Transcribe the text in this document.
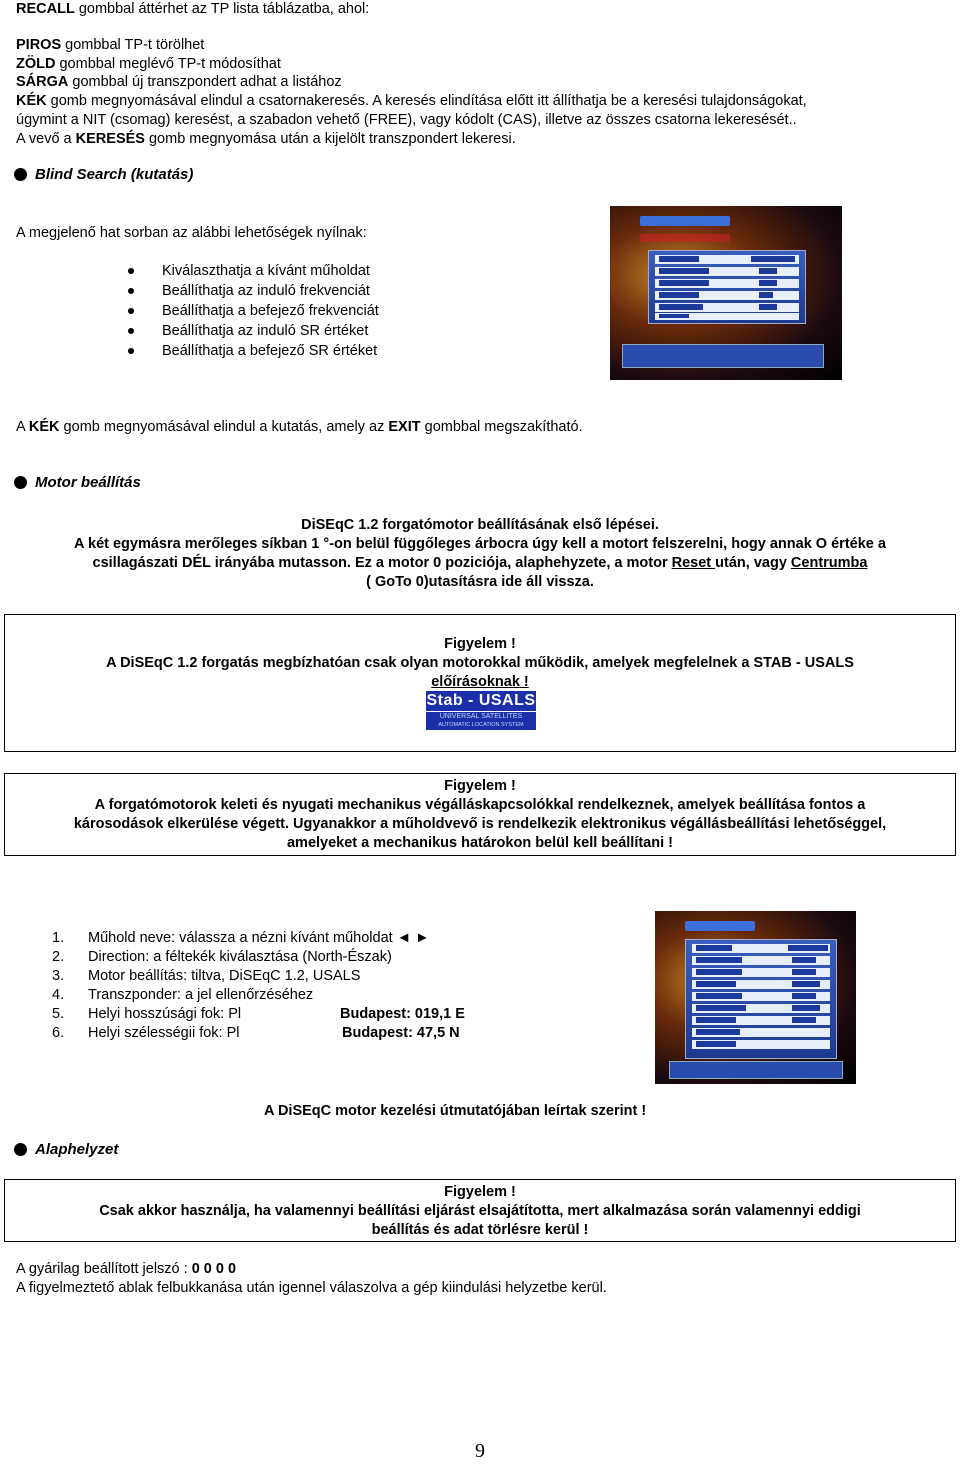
RECALL gombbal áttérhet az TP lista táblázatba, ahol:
PIROS gombbal TP-t törölhet
ZÖLD gombbal meglévő TP-t módosíthat
SÁRGA gombbal új transzpondert adhat a listához
KÉK gomb megnyomásával elindul a csatornakeresés. A keresés elindítása előtt itt állíthatja be a keresési tulajdonságokat,
úgymint a NIT (csomag) keresést, a szabadon vehető (FREE), vagy kódolt (CAS), illetve az összes csatorna lekeresését..
A vevő a KERESÉS gomb megnyomása után a kijelölt transzpondert lekeresi.
Blind Search (kutatás)
A megjelenő hat sorban az alábbi lehetőségek nyílnak:
Kiválaszthatja a kívánt műholdat
Beállíthatja az induló frekvenciát
Beállíthatja a befejező frekvenciát
Beállíthatja az induló SR értéket
Beállíthatja a befejező SR értéket
A KÉK gomb megnyomásával elindul a kutatás, amely az EXIT gombbal megszakítható.
Motor beállítás
DiSEqC 1.2 forgatómotor beállításának első lépései.
A két egymásra merőleges síkban 1 °-on belül függőleges árbocra úgy kell a motort felszerelni, hogy annak O értéke a
csillagászati DÉL irányába mutasson. Ez a motor 0 poziciója, alaphehyzete, a motor Reset után, vagy Centrumba
( GoTo 0)utasításra ide áll vissza.
Figyelem !
A DiSEqC 1.2 forgatás megbízhatóan csak olyan motorokkal működik, amelyek megfelelnek a STAB - USALS
előírásoknak !
Stab - USALS
UNIVERSAL SATELLITES
AUTOMATIC LOCATION SYSTEM
Figyelem !
A forgatómotorok keleti és nyugati mechanikus végálláskapcsolókkal rendelkeznek, amelyek beállítása fontos a
károsodások elkerülése végett. Ugyanakkor a műholdvevő is rendelkezik elektronikus végállásbeállítási lehetőséggel,
amelyeket a mechanikus határokon belül kell beállítani !
1.	Műhold neve: válassza a nézni kívánt műholdat ◄ ►
2.	Direction: a féltekék kiválasztása (North-Észak)
3.	Motor beállítás: tiltva, DiSEqC 1.2, USALS
4.	Transzponder: a jel ellenőrzéséhez
5.	Helyi hosszúsági fok: Pl	Budapest: 019,1 E
6.	Helyi szélességii fok: Pl	Budapest: 47,5 N
A DiSEqC motor kezelési útmutatójában leírtak szerint !
Alaphelyzet
Figyelem !
Csak akkor használja, ha valamennyi beállítási eljárást elsajátította, mert alkalmazása során valamennyi eddigi
beállítás és adat törlésre kerül !
A gyárilag beállított jelszó : 0 0 0 0
A figyelmeztető ablak felbukkanása után igennel válaszolva a gép kiindulási helyzetbe kerül.
9
